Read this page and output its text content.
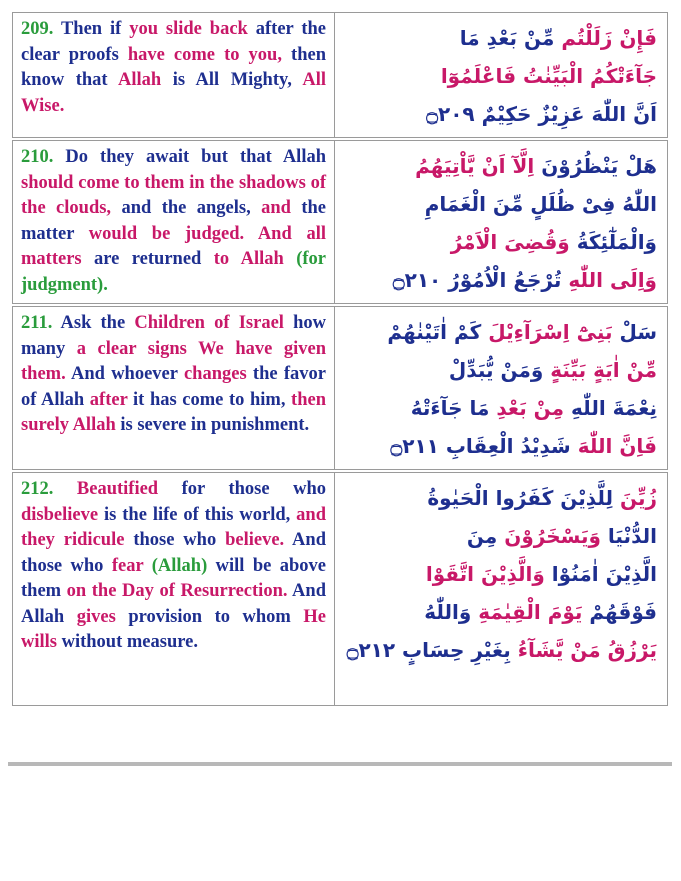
209. Then if you slide back after the clear proofs have come to you, then know that Allah is All Mighty, All Wise.
فَإِنْ زَلَلْتُم مِّنْ بَعْدِ مَا
جَآءَتْكُمُ الْبَيِّنٰتُ فَاعْلَمُوٓا
اَنَّ اللّٰهَ عَزِيْزٌ حَكِيْمٌ ۝٢٠٩
210. Do they await but that Allah should come to them in the shadows of the clouds, and the angels, and the matter would be judged. And all matters are returned to Allah (for judgment).
هَلْ يَنْظُرُوْنَ اِلَّآ اَنْ يَّاْتِيَهُمُ
اللّٰهُ فِىْ ظُلَلٍ مِّنَ الْغَمَامِ
وَالْمَلٰٓئِكَةُ وَقُضِىَ الْاَمْرُ
وَاِلَى اللّٰهِ تُرْجَعُ الْاُمُوْرُ ۝٢١٠
211. Ask the Children of Israel how many a clear signs We have given them. And whoever changes the favor of Allah after it has come to him, then surely Allah is severe in punishment.
سَلْ بَنِىْٓ اِسْرَآءِيْلَ كَمْ اٰتَيْنٰهُمْ
مِّنْ اٰيَةٍ بَيِّنَةٍ وَمَنْ يُّبَدِّلْ
نِعْمَةَ اللّٰهِ مِنْ بَعْدِ مَا جَآءَتْهُ
فَاِنَّ اللّٰهَ شَدِيْدُ الْعِقَابِ ۝٢١١
212. Beautified for those who disbelieve is the life of this world, and they ridicule those who believe. And those who fear (Allah) will be above them on the Day of Resurrection. And Allah gives provision to whom He wills without measure.
زُيِّنَ لِلَّذِيْنَ كَفَرُوا الْحَيٰوةُ
الدُّنْيَا وَيَسْخَرُوْنَ مِنَ
الَّذِيْنَ اٰمَنُوْا وَالَّذِيْنَ اتَّقَوْا
فَوْقَهُمْ يَوْمَ الْقِيٰمَةِ وَاللّٰهُ
يَرْزُقُ مَنْ يَّشَآءُ بِغَيْرِ حِسَابٍ ۝٢١٢
